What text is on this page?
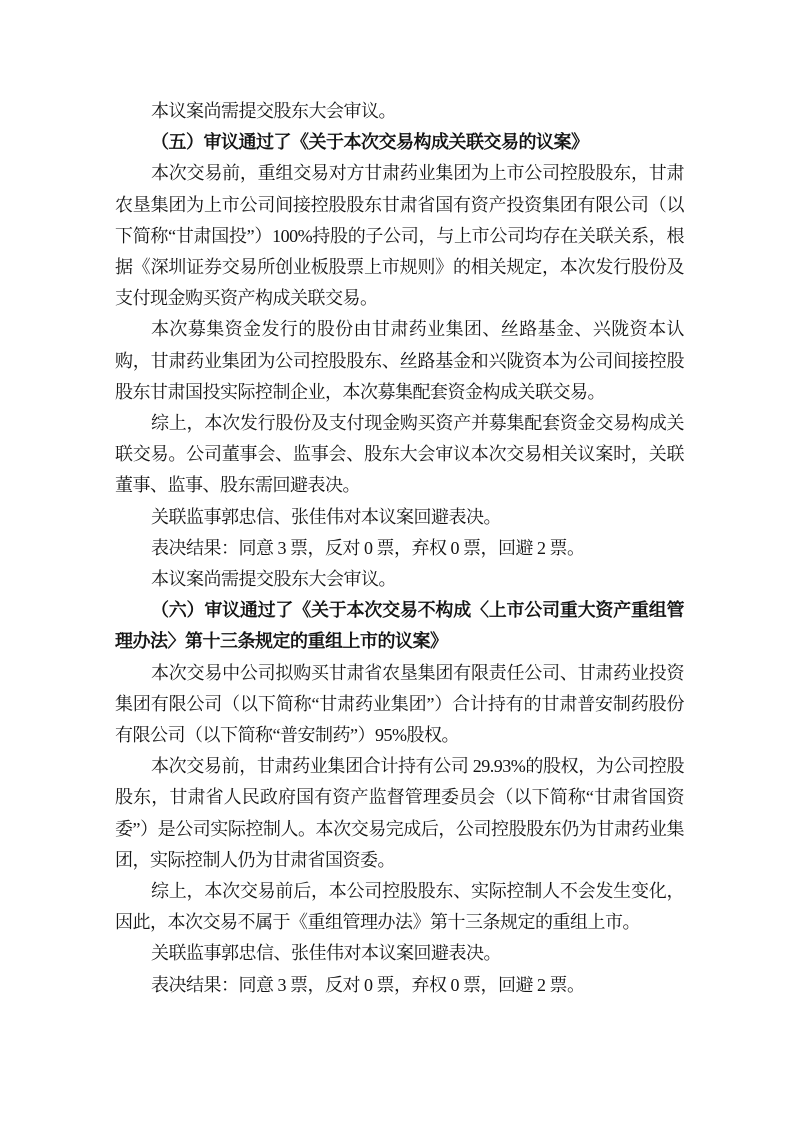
本议案尚需提交股东大会审议。

（五）审议通过了《关于本次交易构成关联交易的议案》

本次交易前，重组交易对方甘肃药业集团为上市公司控股股东，甘肃农垦集团为上市公司间接控股股东甘肃省国有资产投资集团有限公司（以下简称“甘肃国投”）100%持股的子公司，与上市公司均存在关联关系，根据《深圳证券交易所创业板股票上市规则》的相关规定，本次发行股份及支付现金购买资产构成关联交易。

本次募集资金发行的股份由甘肃药业集团、丝路基金、兴陇资本认购，甘肃药业集团为公司控股股东、丝路基金和兴陇资本为公司间接控股股东甘肃国投实际控制企业，本次募集配套资金构成关联交易。

综上，本次发行股份及支付现金购买资产并募集配套资金交易构成关联交易。公司董事会、监事会、股东大会审议本次交易相关议案时，关联董事、监事、股东需回避表决。

关联监事郭忠信、张佳伟对本议案回避表决。

表决结果：同意 3 票，反对 0 票，弃权 0 票，回避 2 票。

本议案尚需提交股东大会审议。

（六）审议通过了《关于本次交易不构成〈上市公司重大资产重组管理办法〉第十三条规定的重组上市的议案》

本次交易中公司拟购买甘肃省农垦集团有限责任公司、甘肃药业投资集团有限公司（以下简称“甘肃药业集团”）合计持有的甘肃普安制药股份有限公司（以下简称“普安制药”）95%股权。

本次交易前，甘肃药业集团合计持有公司 29.93%的股权，为公司控股股东，甘肃省人民政府国有资产监督管理委员会（以下简称“甘肃省国资委”）是公司实际控制人。本次交易完成后，公司控股股东仍为甘肃药业集团，实际控制人仍为甘肃省国资委。

综上，本次交易前后，本公司控股股东、实际控制人不会发生变化，因此，本次交易不属于《重组管理办法》第十三条规定的重组上市。

关联监事郭忠信、张佳伟对本议案回避表决。

表决结果：同意 3 票，反对 0 票，弃权 0 票，回避 2 票。
